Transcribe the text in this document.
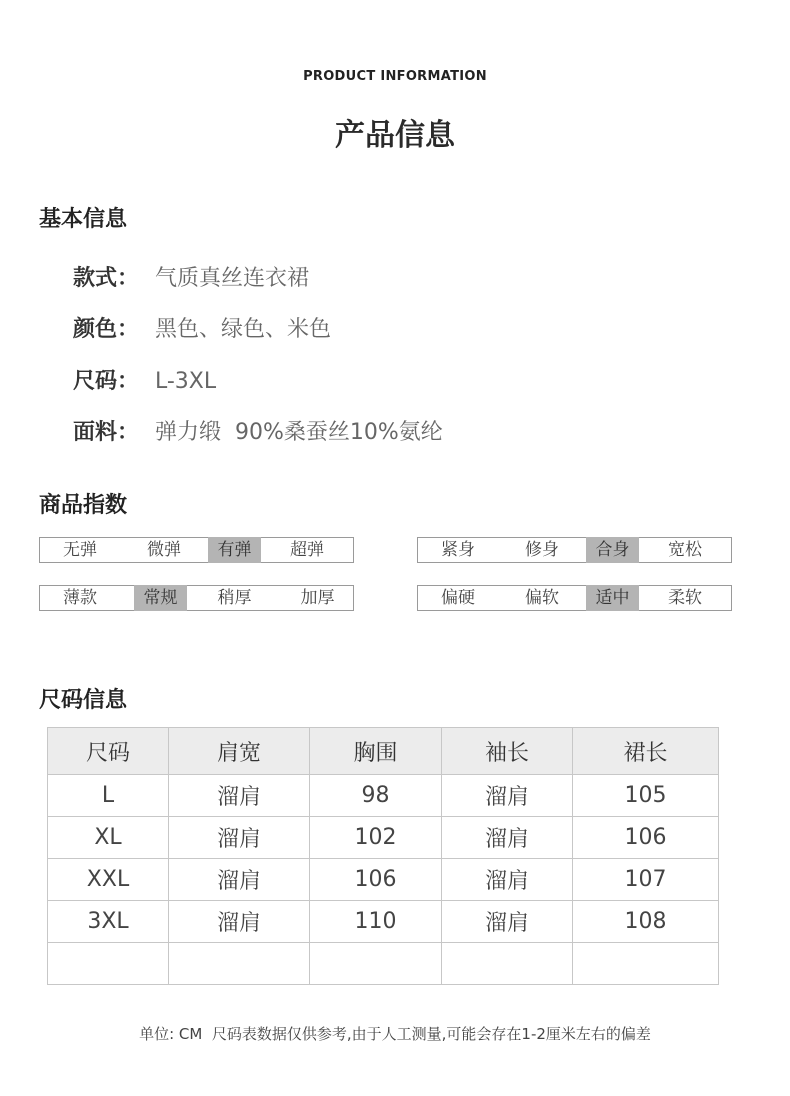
PRODUCT INFORMATION
产品信息
基本信息
款式： 气质真丝连衣裙
颜色： 黑色、绿色、米色
尺码： L-3XL
面料： 弹力缎  90%桑蚕丝10%氨纶
商品指数
无弹	微弹	有弹	超弹	紧身	修身	合身	宽松
薄款	常规	稍厚	加厚	偏硬	偏软	适中	柔软
尺码信息
尺码	肩宽	胸围	袖长	裙长
L	溜肩	98	溜肩	105
XL	溜肩	102	溜肩	106
XXL	溜肩	106	溜肩	107
3XL	溜肩	110	溜肩	108

单位: CM  尺码表数据仅供参考,由于人工测量,可能会存在1-2厘米左右的偏差
